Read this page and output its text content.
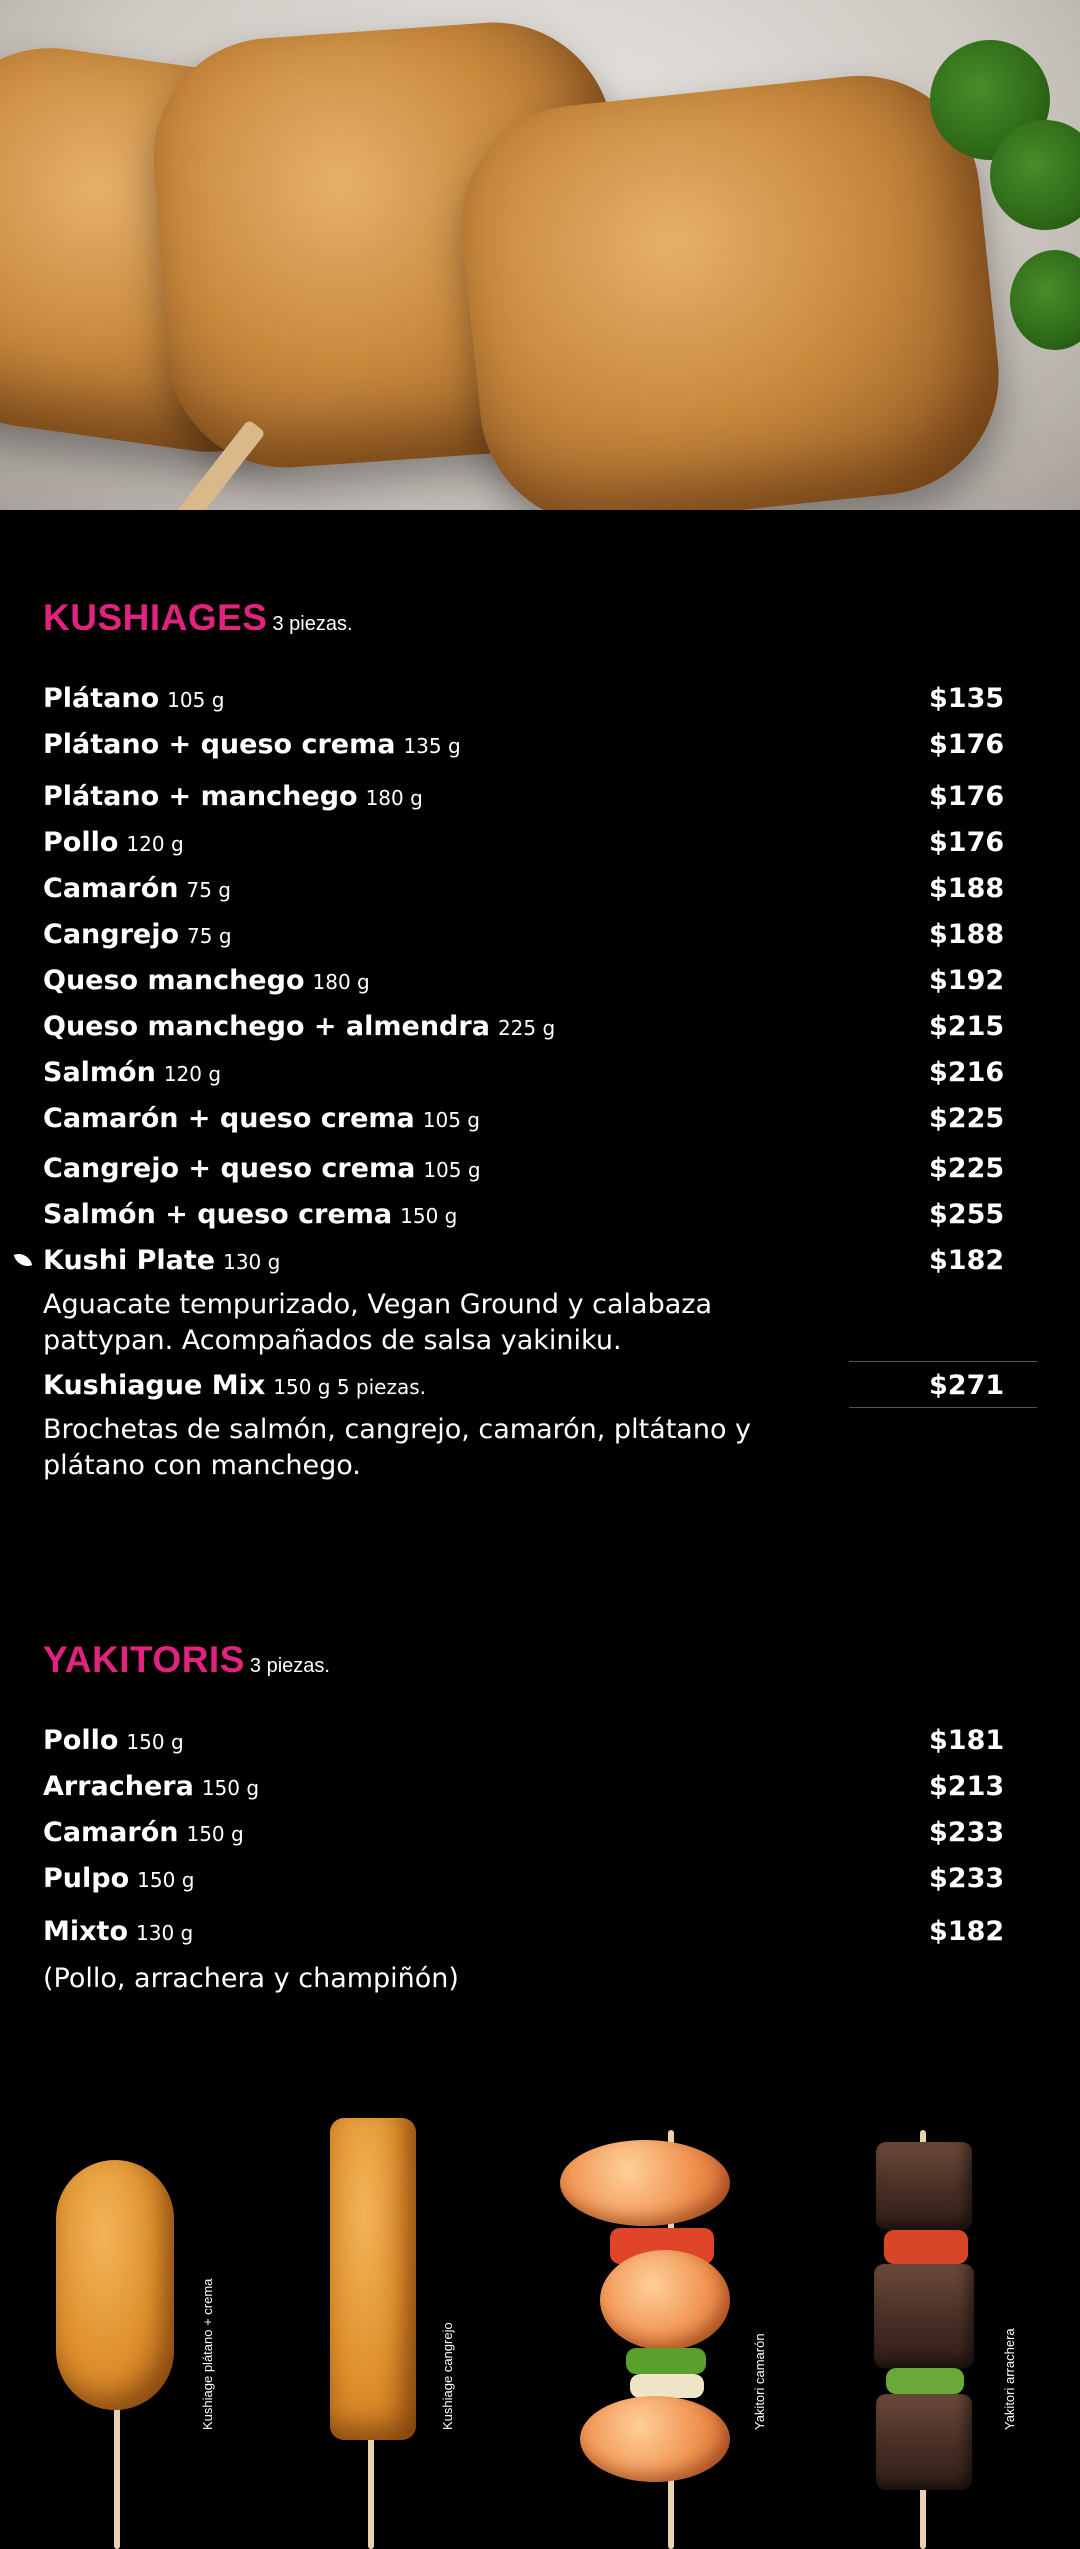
KUSHIAGES 3 piezas.
Plátano 105 g	$135
Plátano + queso crema 135 g	$176
Plátano + manchego 180 g	$176
Pollo 120 g	$176
Camarón 75 g	$188
Cangrejo 75 g	$188
Queso manchego 180 g	$192
Queso manchego + almendra 225 g	$215
Salmón 120 g	$216
Camarón + queso crema 105 g	$225
Cangrejo + queso crema 105 g	$225
Salmón + queso crema 150 g	$255
Kushi Plate 130 g	$182
Aguacate tempurizado, Vegan Ground y calabaza pattypan. Acompañados de salsa yakiniku.
Kushiague Mix 150 g 5 piezas.	$271
Brochetas de salmón, cangrejo, camarón, pltátano y plátano con manchego.
YAKITORIS 3 piezas.
Pollo 150 g	$181
Arrachera 150 g	$213
Camarón 150 g	$233
Pulpo 150 g	$233
Mixto 130 g	$182
(Pollo, arrachera y champiñón)
Kushiage plátano + crema	Kushiage cangrejo	Yakitori camarón	Yakitori arrachera
